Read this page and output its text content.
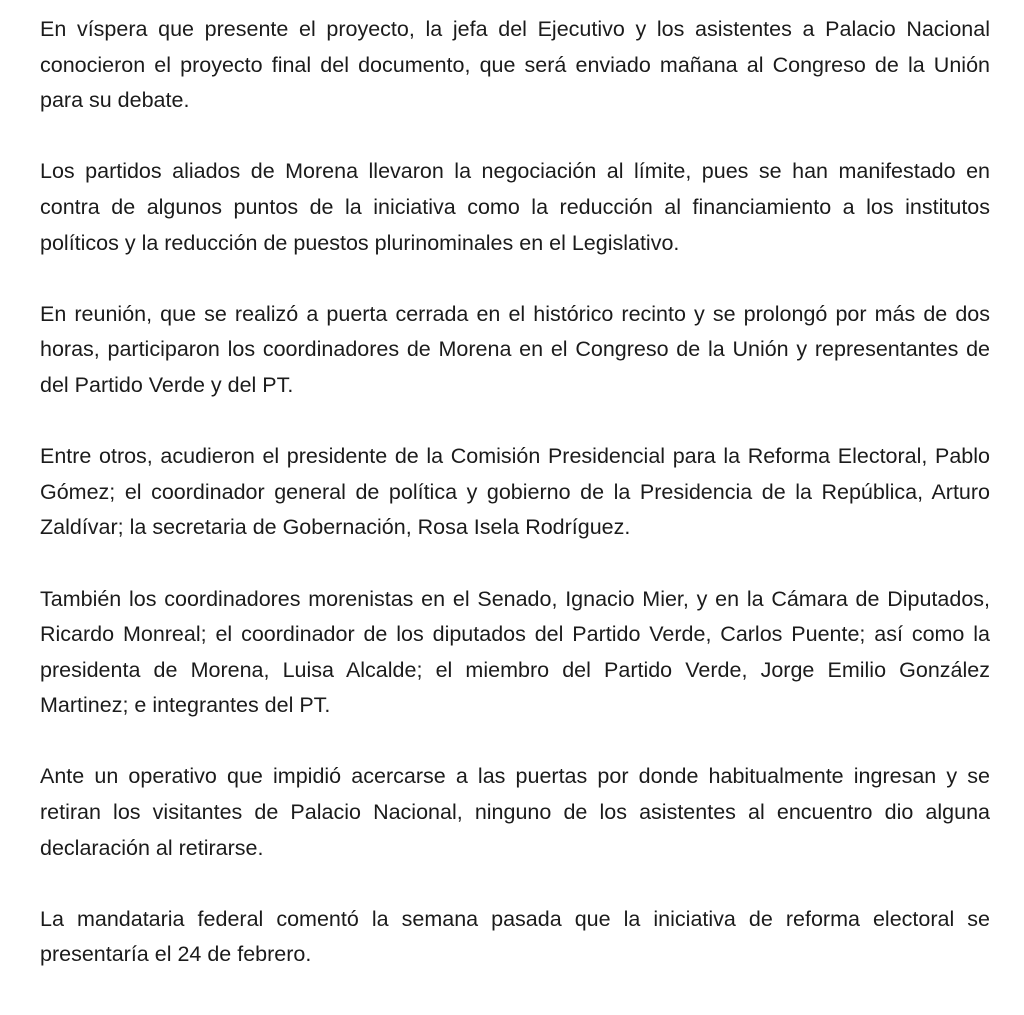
En víspera que presente el proyecto, la jefa del Ejecutivo y los asistentes a Palacio Nacional conocieron el proyecto final del documento, que será enviado mañana al Congreso de la Unión para su debate.

Los partidos aliados de Morena llevaron la negociación al límite, pues se han manifestado en contra de algunos puntos de la iniciativa como la reducción al financiamiento a los institutos políticos y la reducción de puestos plurinominales en el Legislativo.

En reunión, que se realizó a puerta cerrada en el histórico recinto y se prolongó por más de dos horas, participaron los coordinadores de Morena en el Congreso de la Unión y representantes de del Partido Verde y del PT.

Entre otros, acudieron el presidente de la Comisión Presidencial para la Reforma Electoral, Pablo Gómez; el coordinador general de política y gobierno de la Presidencia de la República, Arturo Zaldívar; la secretaria de Gobernación, Rosa Isela Rodríguez.

También los coordinadores morenistas en el Senado, Ignacio Mier, y en la Cámara de Diputados, Ricardo Monreal; el coordinador de los diputados del Partido Verde, Carlos Puente; así como la presidenta de Morena, Luisa Alcalde; el miembro del Partido Verde, Jorge Emilio González Martinez; e integrantes del PT.

Ante un operativo que impidió acercarse a las puertas por donde habitualmente ingresan y se retiran los visitantes de Palacio Nacional, ninguno de los asistentes al encuentro dio alguna declaración al retirarse.

La mandataria federal comentó la semana pasada que la iniciativa de reforma electoral se presentaría el 24 de febrero.
